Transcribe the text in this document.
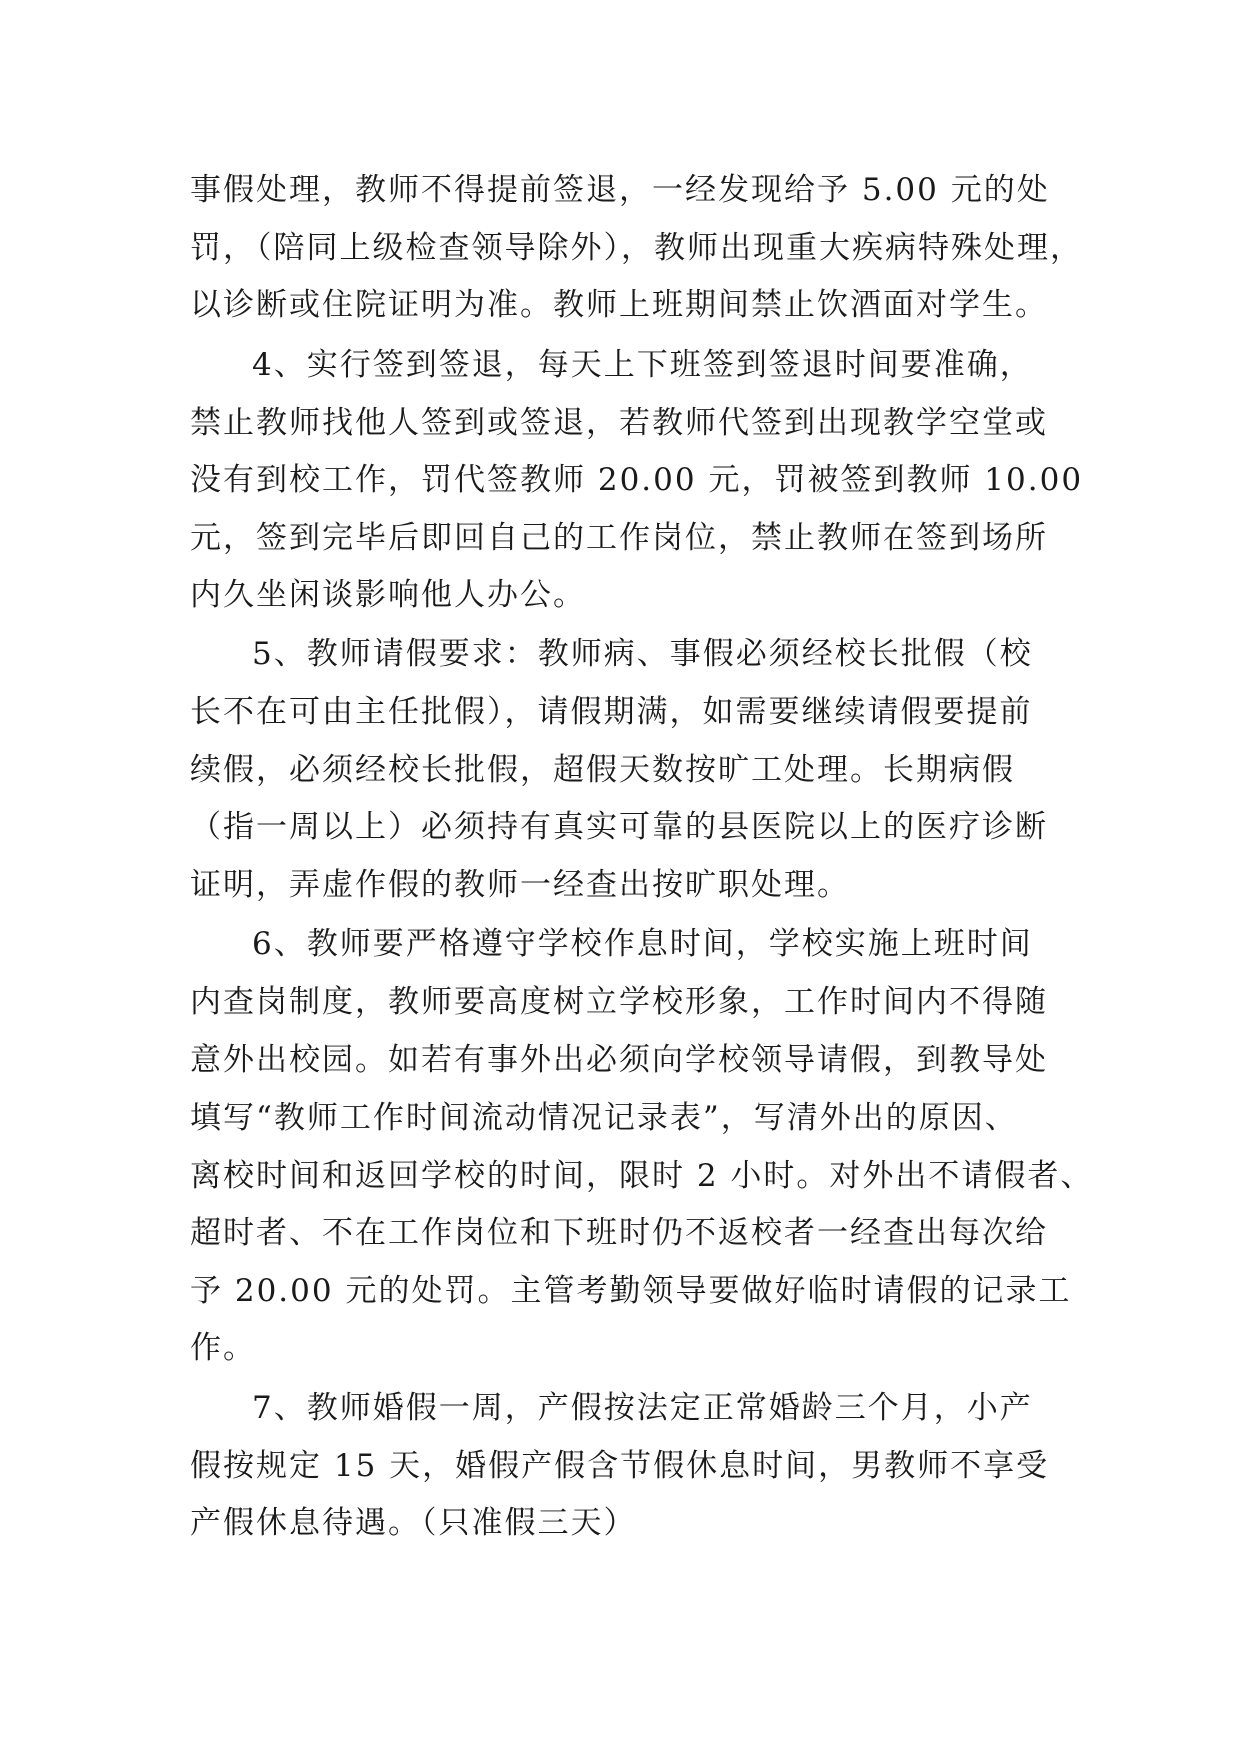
事假处理，教师不得提前签退，一经发现给予 5.00 元的处
罚，（陪同上级检查领导除外），教师出现重大疾病特殊处理，
以诊断或住院证明为准。教师上班期间禁止饮酒面对学生。
4、实行签到签退，每天上下班签到签退时间要准确，
禁止教师找他人签到或签退，若教师代签到出现教学空堂或
没有到校工作，罚代签教师 20.00 元，罚被签到教师 10.00
元，签到完毕后即回自己的工作岗位，禁止教师在签到场所
内久坐闲谈影响他人办公。
5、教师请假要求：教师病、事假必须经校长批假（校
长不在可由主任批假），请假期满，如需要继续请假要提前
续假，必须经校长批假，超假天数按旷工处理。长期病假
（指一周以上）必须持有真实可靠的县医院以上的医疗诊断
证明，弄虚作假的教师一经查出按旷职处理。
6、教师要严格遵守学校作息时间，学校实施上班时间
内查岗制度，教师要高度树立学校形象，工作时间内不得随
意外出校园。如若有事外出必须向学校领导请假，到教导处
填写“教师工作时间流动情况记录表”，写清外出的原因、
离校时间和返回学校的时间，限时 2 小时。对外出不请假者、
超时者、不在工作岗位和下班时仍不返校者一经查出每次给
予 20.00 元的处罚。主管考勤领导要做好临时请假的记录工
作。
7、教师婚假一周，产假按法定正常婚龄三个月，小产
假按规定 15 天，婚假产假含节假休息时间，男教师不享受
产假休息待遇。（只准假三天）
